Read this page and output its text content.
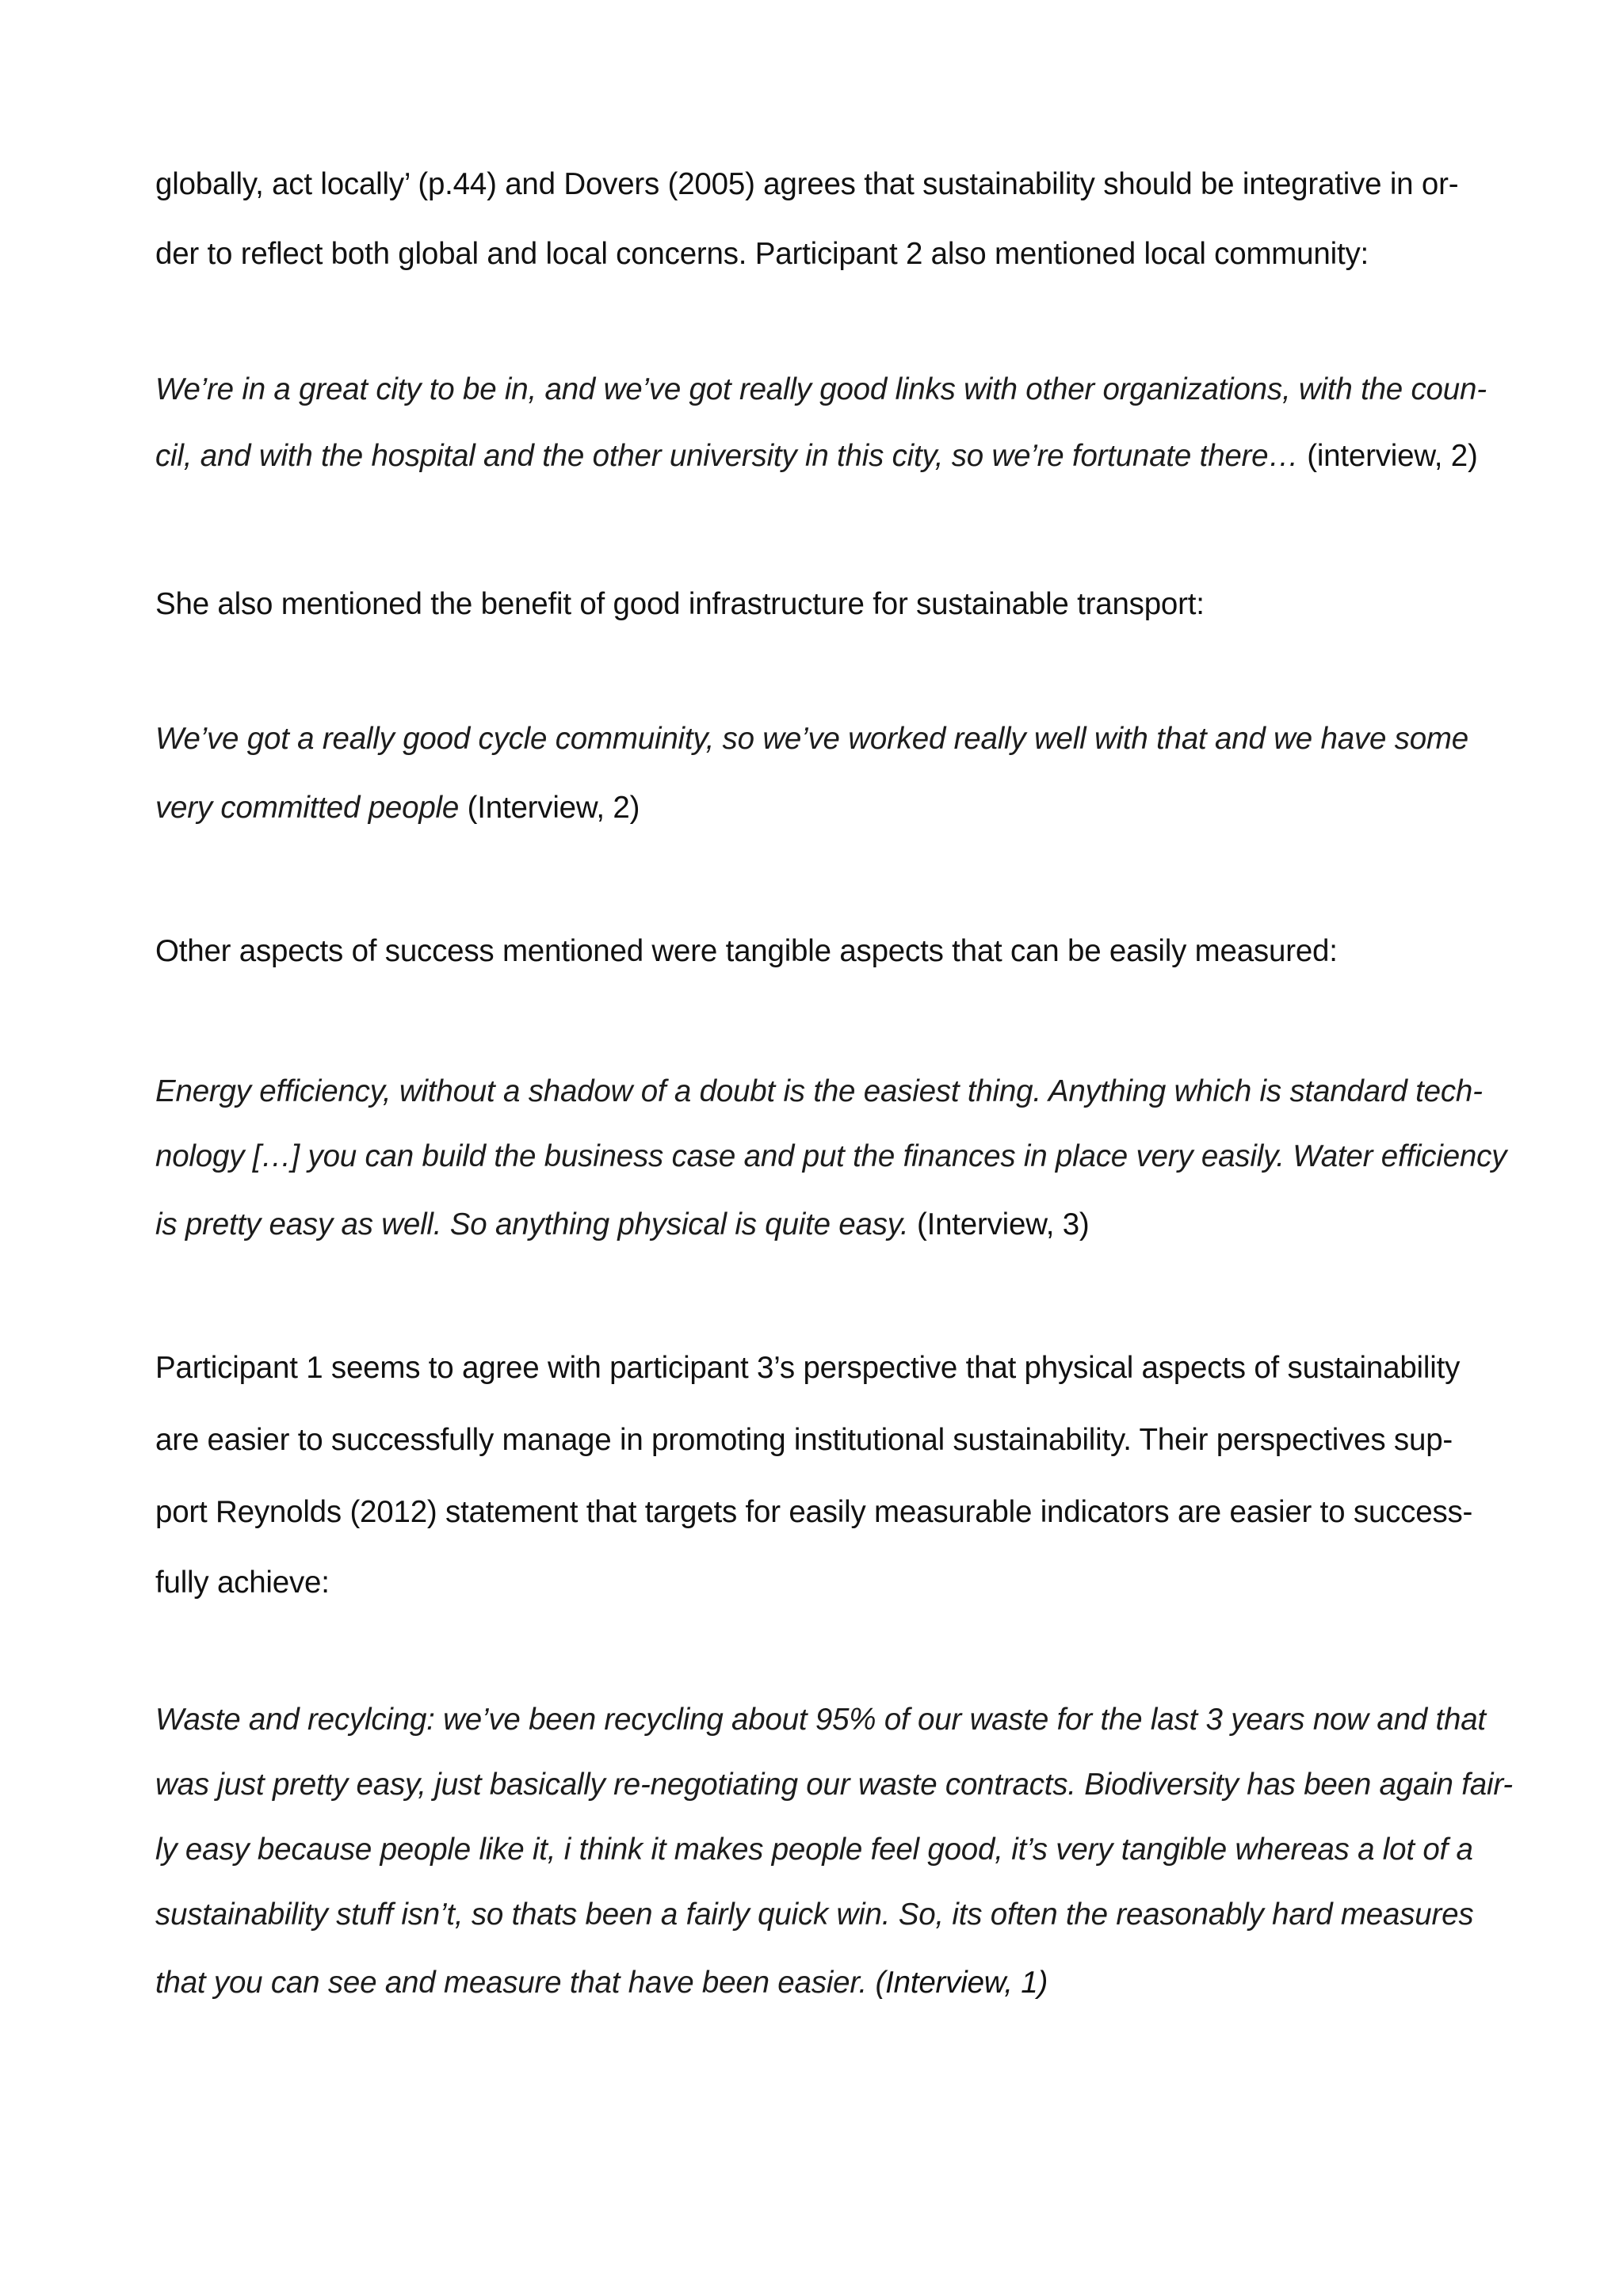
globally, act locally’ (p.44) and Dovers (2005) agrees that sustainability should be integrative in or-
der to reflect both global and local concerns. Participant 2 also mentioned local community:
We’re in a great city to be in, and we’ve got really good links with other organizations, with the coun-
cil, and with the hospital and the other university in this city, so we’re fortunate there… (interview, 2)
She also mentioned the benefit of good infrastructure for sustainable transport:
We’ve got a really good cycle commuinity, so we’ve worked really well with that and we have some
very committed people (Interview, 2)
Other aspects of success mentioned were tangible aspects that can be easily measured:
Energy efficiency, without a shadow of a doubt is the easiest thing. Anything which is standard tech-
nology […] you can build the business case and put the finances in place very easily. Water efficiency
is pretty easy as well. So anything physical is quite easy. (Interview, 3)
Participant 1 seems to agree with participant 3’s perspective that physical aspects of sustainability
are easier to successfully manage in promoting institutional sustainability. Their perspectives sup-
port Reynolds (2012) statement that targets for easily measurable indicators are easier to success-
fully achieve:
Waste and recylcing: we’ve been recycling about 95% of our waste for the last 3 years now and that
was just pretty easy, just basically re-negotiating our waste contracts. Biodiversity has been again fair-
ly easy because people like it, i think it makes people feel good, it’s very tangible whereas a lot of a
sustainability stuff isn’t, so thats been a fairly quick win. So, its often the reasonably hard measures
that you can see and measure that have been easier. (Interview, 1)
